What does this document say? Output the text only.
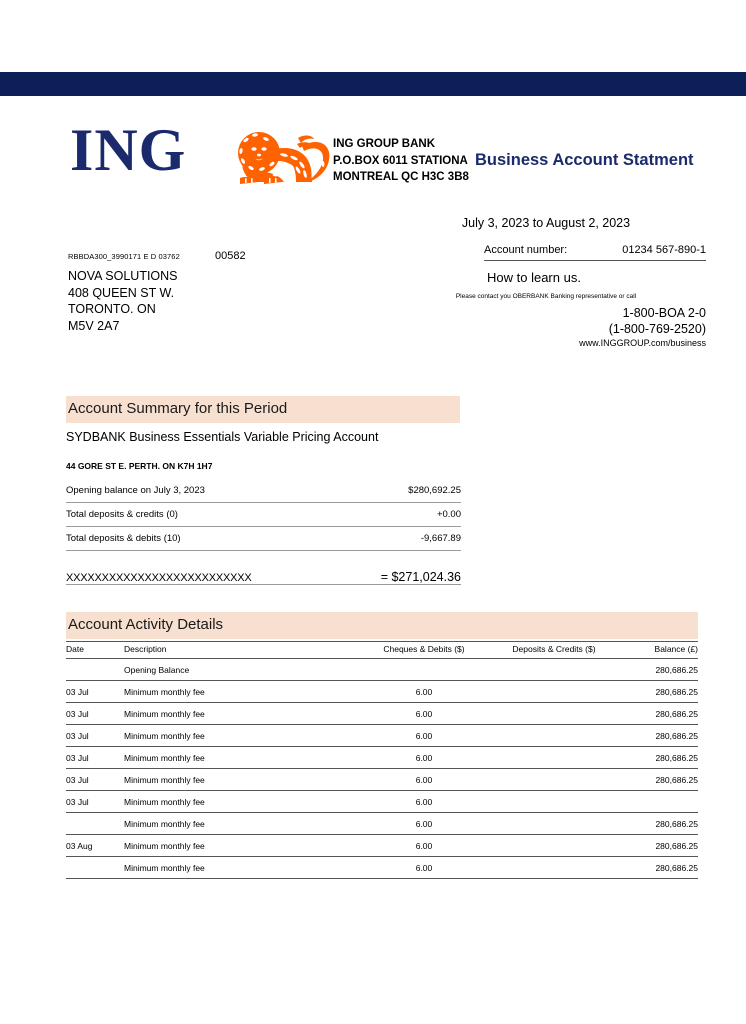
ING	ING GROUP BANK
P.O.BOX 6011 STATIONA
MONTREAL QC H3C 3B8
Business Account Statment
July 3, 2023 to August 2, 2023
Account number:	01234 567-890-1
How to learn us.
Please contact you OBERBANK Banking representative or call
1-800-BOA 2-0
(1-800-769-2520)
www.INGGROUP.com/business
RBBDA300_3990171 E D 03762	00582
NOVA SOLUTIONS
408 QUEEN ST W.
TORONTO. ON
M5V 2A7
Account Summary for this Period
SYDBANK Business Essentials Variable Pricing Account
44 GORE ST E. PERTH. ON K7H 1H7
Opening balance on July 3, 2023	$280,692.25
Total deposits & credits (0)	+0.00
Total deposits & debits (10)	-9,667.89
XXXXXXXXXXXXXXXXXXXXXXXXXX	= $271,024.36
Account Activity Details
Date	Description	Cheques & Debits ($)	Deposits & Credits ($)	Balance (£)
	Opening Balance			280,686.25
03 Jul	Minimum monthly fee	6.00		280,686.25
03 Jul	Minimum monthly fee	6.00		280,686.25
03 Jul	Minimum monthly fee	6.00		280,686.25
03 Jul	Minimum monthly fee	6.00		280,686.25
03 Jul	Minimum monthly fee	6.00		280,686.25
03 Jul	Minimum monthly fee	6.00		
	Minimum monthly fee	6.00		280,686.25
03 Aug	Minimum monthly fee	6.00		280,686.25
	Minimum monthly fee	6.00		280,686.25
